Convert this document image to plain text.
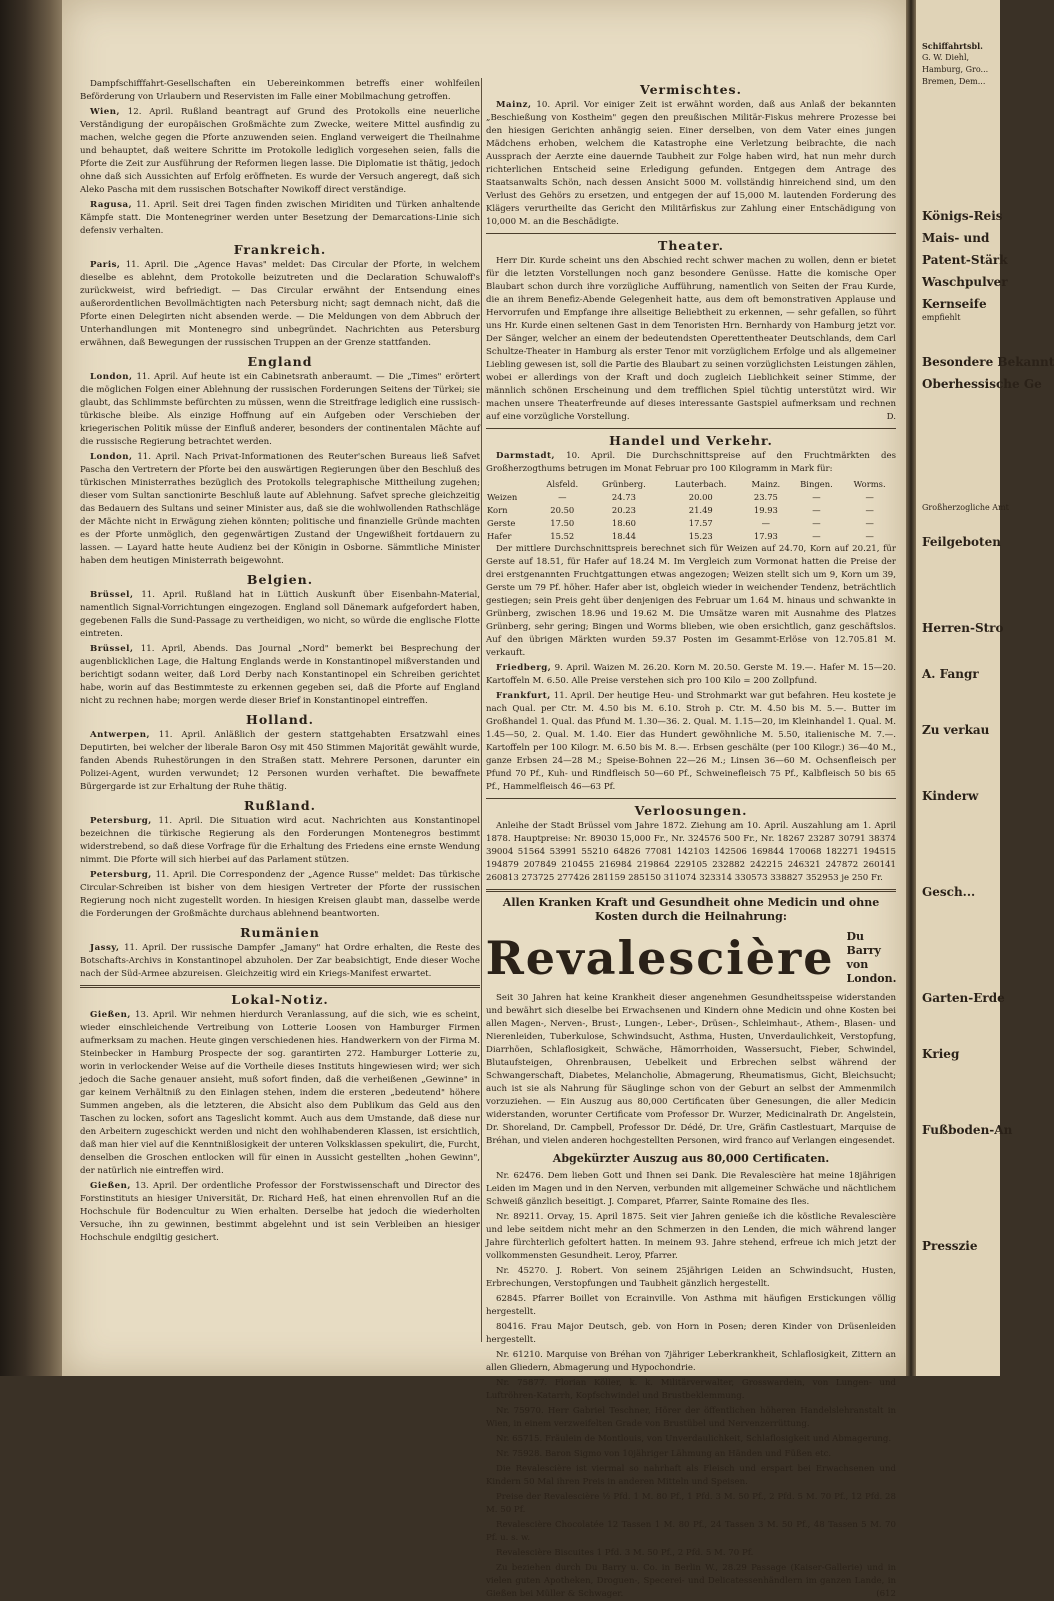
Dampfschifffahrt-Gesellschaften ein Uebereinkommen betreffs einer wohlfeilen Beförderung von Urlaubern und Reservisten im Falle einer Mobilmachung getroffen.

Wien, 12. April. Rußland beantragt auf Grund des Protokolls eine neuerliche Verständigung der europäischen Großmächte zum Zwecke, weitere Mittel ausfindig zu machen, welche gegen die Pforte anzuwenden seien. England verweigert die Theilnahme und behauptet, daß weitere Schritte im Protokolle lediglich vorgesehen seien, falls die Pforte die Zeit zur Ausführung der Reformen liegen lasse. Die Diplomatie ist thätig, jedoch ohne daß sich Aussichten auf Erfolg eröffneten. Es wurde der Versuch angeregt, daß sich Aleko Pascha mit dem russischen Botschafter Nowikoff direct verständige.

Ragusa, 11. April. Seit drei Tagen finden zwischen Miriditen und Türken anhaltende Kämpfe statt. Die Montenegriner werden unter Besetzung der Demarcations-Linie sich defensiv verhalten.

Frankreich.

Paris, 11. April. Die „Agence Havas" meldet: Das Circular der Pforte, in welchem dieselbe es ablehnt, dem Protokolle beizutreten und die Declaration Schuwaloff's zurückweist, wird befriedigt. — Das Circular erwähnt der Entsendung eines außerordentlichen Bevollmächtigten nach Petersburg nicht; sagt demnach nicht, daß die Pforte einen Delegirten nicht absenden werde. — Die Meldungen von dem Abbruch der Unterhandlungen mit Montenegro sind unbegründet. Nachrichten aus Petersburg erwähnen, daß Bewegungen der russischen Truppen an der Grenze stattfanden.

England

London, 11. April. Auf heute ist ein Cabinetsrath anberaumt. — Die „Times" erörtert die möglichen Folgen einer Ablehnung der russischen Forderungen Seitens der Türkei; sie glaubt, das Schlimmste befürchten zu müssen, wenn die Streitfrage lediglich eine russisch-türkische bleibe. Als einzige Hoffnung auf ein Aufgeben oder Verschieben der kriegerischen Politik müsse der Einfluß anderer, besonders der continentalen Mächte auf die russische Regierung betrachtet werden.

London, 11. April. Nach Privat-Informationen des Reuter'schen Bureaus ließ Safvet Pascha den Vertretern der Pforte bei den auswärtigen Regierungen über den Beschluß des türkischen Ministerrathes bezüglich des Protokolls telegraphische Mittheilung zugehen; dieser vom Sultan sanctionirte Beschluß laute auf Ablehnung. Safvet spreche gleichzeitig das Bedauern des Sultans und seiner Minister aus, daß sie die wohlwollenden Rathschläge der Mächte nicht in Erwägung ziehen könnten; politische und finanzielle Gründe machten es der Pforte unmöglich, den gegenwärtigen Zustand der Ungewißheit fortdauern zu lassen. — Layard hatte heute Audienz bei der Königin in Osborne. Sämmtliche Minister haben dem heutigen Ministerrath beigewohnt.

Belgien.

Brüssel, 11. April. Rußland hat in Lüttich Auskunft über Eisenbahn-Material, namentlich Signal-Vorrichtungen eingezogen. England soll Dänemark aufgefordert haben, gegebenen Falls die Sund-Passage zu vertheidigen, wo nicht, so würde die englische Flotte eintreten.

Brüssel, 11. April, Abends. Das Journal „Nord" bemerkt bei Besprechung der augenblicklichen Lage, die Haltung Englands werde in Konstantinopel mißverstanden und berichtigt sodann weiter, daß Lord Derby nach Konstantinopel ein Schreiben gerichtet habe, worin auf das Bestimmteste zu erkennen gegeben sei, daß die Pforte auf England nicht zu rechnen habe; morgen werde dieser Brief in Konstantinopel eintreffen.

Holland.

Antwerpen, 11. April. Anläßlich der gestern stattgehabten Ersatzwahl eines Deputirten, bei welcher der liberale Baron Osy mit 450 Stimmen Majorität gewählt wurde, fanden Abends Ruhestörungen in den Straßen statt. Mehrere Personen, darunter ein Polizei-Agent, wurden verwundet; 12 Personen wurden verhaftet. Die bewaffnete Bürgergarde ist zur Erhaltung der Ruhe thätig.

Rußland.

Petersburg, 11. April. Die Situation wird acut. Nachrichten aus Konstantinopel bezeichnen die türkische Regierung als den Forderungen Montenegros bestimmt widerstrebend, so daß diese Vorfrage für die Erhaltung des Friedens eine ernste Wendung nimmt. Die Pforte will sich hierbei auf das Parlament stützen.

Petersburg, 11. April. Die Correspondenz der „Agence Russe" meldet: Das türkische Circular-Schreiben ist bisher von dem hiesigen Vertreter der Pforte der russischen Regierung noch nicht zugestellt worden. In hiesigen Kreisen glaubt man, dasselbe werde die Forderungen der Großmächte durchaus ablehnend beantworten.

Rumänien

Jassy, 11. April. Der russische Dampfer „Jamany" hat Ordre erhalten, die Reste des Botschafts-Archivs in Konstantinopel abzuholen. Der Zar beabsichtigt, Ende dieser Woche nach der Süd-Armee abzureisen. Gleichzeitig wird ein Kriegs-Manifest erwartet.

Lokal-Notiz.

Gießen, 13. April. Wir nehmen hierdurch Veranlassung, auf die sich, wie es scheint, wieder einschleichende Vertreibung von Lotterie Loosen von Hamburger Firmen aufmerksam zu machen. Heute gingen verschiedenen hies. Handwerkern von der Firma M. Steinbecker in Hamburg Prospecte der sog. garantirten 272. Hamburger Lotterie zu, worin in verlockender Weise auf die Vortheile dieses Instituts hingewiesen wird; wer sich jedoch die Sache genauer ansieht, muß sofort finden, daß die verheißenen „Gewinne" in gar keinem Verhältniß zu den Einlagen stehen, indem die ersteren „bedeutend" höhere Summen angeben, als die letzteren, die Absicht also dem Publikum das Geld aus den Taschen zu locken, sofort ans Tageslicht kommt. Auch aus dem Umstande, daß diese nur den Arbeitern zugeschickt werden und nicht den wohlhabenderen Klassen, ist ersichtlich, daß man hier viel auf die Kenntnißlosigkeit der unteren Volksklassen spekulirt, die, Furcht, denselben die Groschen entlocken will für einen in Aussicht gestellten „hohen Gewinn", der natürlich nie eintreffen wird.

Gießen, 13. April. Der ordentliche Professor der Forstwissenschaft und Director des Forstinstituts an hiesiger Universität, Dr. Richard Heß, hat einen ehrenvollen Ruf an die Hochschule für Bodencultur zu Wien erhalten. Derselbe hat jedoch die wiederholten Versuche, ihn zu gewinnen, bestimmt abgelehnt und ist sein Verbleiben an hiesiger Hochschule endgiltig gesichert.

Vermischtes.

Mainz, 10. April. Vor einiger Zeit ist erwähnt worden, daß aus Anlaß der bekannten „Beschießung von Kostheim" gegen den preußischen Militär-Fiskus mehrere Prozesse bei den hiesigen Gerichten anhängig seien. Einer derselben, von dem Vater eines jungen Mädchens erhoben, welchem die Katastrophe eine Verletzung beibrachte, die nach Aussprach der Aerzte eine dauernde Taubheit zur Folge haben wird, hat nun mehr durch richterlichen Entscheid seine Erledigung gefunden. Entgegen dem Antrage des Staatsanwalts Schön, nach dessen Ansicht 5000 M. vollständig hinreichend sind, um den Verlust des Gehörs zu ersetzen, und entgegen der auf 15,000 M. lautenden Forderung des Klägers verurtheilte das Gericht den Militärfiskus zur Zahlung einer Entschädigung von 10,000 M. an die Beschädigte.

Theater.

Herr Dir. Kurde scheint uns den Abschied recht schwer machen zu wollen, denn er bietet für die letzten Vorstellungen noch ganz besondere Genüsse. Hatte die komische Oper Blaubart schon durch ihre vorzügliche Aufführung, namentlich von Seiten der Frau Kurde, die an ihrem Benefiz-Abende Gelegenheit hatte, aus dem oft bemonstrativen Applause und Hervorrufen und Empfange ihre allseitige Beliebtheit zu erkennen, — sehr gefallen, so führt uns Hr. Kurde einen seltenen Gast in dem Tenoristen Hrn. Bernhardy von Hamburg jetzt vor. Der Sänger, welcher an einem der bedeutendsten Operettentheater Deutschlands, dem Carl Schultze-Theater in Hamburg als erster Tenor mit vorzüglichem Erfolge und als allgemeiner Liebling gewesen ist, soll die Partie des Blaubart zu seinen vorzüglichsten Leistungen zählen, wobei er allerdings von der Kraft und doch zugleich Lieblichkeit seiner Stimme, der männlich schönen Erscheinung und dem trefflichen Spiel tüchtig unterstützt wird. Wir machen unsere Theaterfreunde auf dieses interessante Gastspiel aufmerksam und rechnen auf eine vorzügliche Vorstellung.	D.

Handel und Verkehr.

Darmstadt, 10. April. Die Durchschnittspreise auf den Fruchtmärkten des Großherzogthums betrugen im Monat Februar pro 100 Kilogramm in Mark für:

	Alsfeld.	Grünberg.	Lauterbach.	Mainz.	Bingen.	Worms.
Weizen	—	24.73	20.00	23.75	—	—
Korn	20.50	20.23	21.49	19.93	—	—
Gerste	17.50	18.60	17.57	—	—	—
Hafer	15.52	18.44	15.23	17.93	—	—

Der mittlere Durchschnittspreis berechnet sich für Weizen auf 24.70, Korn auf 20.21, für Gerste auf 18.51, für Hafer auf 18.24 M. Im Vergleich zum Vormonat hatten die Preise der drei erstgenannten Fruchtgattungen etwas angezogen; Weizen stellt sich um 9, Korn um 39, Gerste um 79 Pf. höher. Hafer aber ist, obgleich wieder in weichender Tendenz, beträchtlich gestiegen; sein Preis geht über denjenigen des Februar um 1.64 M. hinaus und schwankte in Grünberg, zwischen 18.96 und 19.62 M. Die Umsätze waren mit Ausnahme des Platzes Grünberg, sehr gering; Bingen und Worms blieben, wie oben ersichtlich, ganz geschäftslos. Auf den übrigen Märkten wurden 59.37 Posten im Gesammt-Erlöse von 12.705.81 M. verkauft.

Friedberg, 9. April. Waizen M. 26.20. Korn M. 20.50. Gerste M. 19.—. Hafer M. 15—20. Kartoffeln M. 6.50. Alle Preise verstehen sich pro 100 Kilo = 200 Zollpfund.

Frankfurt, 11. April. Der heutige Heu- und Strohmarkt war gut befahren. Heu kostete je nach Qual. per Ctr. M. 4.50 bis M. 6.10. Stroh p. Ctr. M. 4.50 bis M. 5.—. Butter im Großhandel 1. Qual. das Pfund M. 1.30—36. 2. Qual. M. 1.15—20, im Kleinhandel 1. Qual. M. 1.45—50, 2. Qual. M. 1.40. Eier das Hundert gewöhnliche M. 5.50, italienische M. 7.—. Kartoffeln per 100 Kilogr. M. 6.50 bis M. 8.—. Erbsen geschälte (per 100 Kilogr.) 36—40 M., ganze Erbsen 24—28 M.; Speise-Bohnen 22—26 M.; Linsen 36—60 M. Ochsenfleisch per Pfund 70 Pf., Kuh- und Rindfleisch 50—60 Pf., Schweinefleisch 75 Pf., Kalbfleisch 50 bis 65 Pf., Hammelfleisch 46—63 Pf.

Verloosungen.

Anleihe der Stadt Brüssel vom Jahre 1872. Ziehung am 10. April. Auszahlung am 1. April 1878. Hauptpreise: Nr. 89030 15,000 Fr., Nr. 324576 500 Fr., Nr. 18267 23287 30791 38374 39004 51564 53991 55210 64826 77081 142103 142506 169844 170068 182271 194515 194879 207849 210455 216984 219864 229105 232882 242215 246321 247872 260141 260813 273725 277426 281159 285150 311074 323314 330573 338827 352953 je 250 Fr.

Allen Kranken Kraft und Gesundheit ohne Medicin und ohne Kosten durch die Heilnahrung:
Revalescière Du Barry
von London.

Seit 30 Jahren hat keine Krankheit dieser angenehmen Gesundheitsspeise widerstanden und bewährt sich dieselbe bei Erwachsenen und Kindern ohne Medicin und ohne Kosten bei allen Magen-, Nerven-, Brust-, Lungen-, Leber-, Drüsen-, Schleimhaut-, Athem-, Blasen- und Nierenleiden, Tuberkulose, Schwindsucht, Asthma, Husten, Unverdaulichkeit, Verstopfung, Diarrhöen, Schlaflosigkeit, Schwäche, Hämorrhoiden, Wassersucht, Fieber, Schwindel, Blutaufsteigen, Ohrenbrausen, Uebelkeit und Erbrechen selbst während der Schwangerschaft, Diabetes, Melancholie, Abmagerung, Rheumatismus, Gicht, Bleichsucht; auch ist sie als Nahrung für Säuglinge schon von der Geburt an selbst der Ammenmilch vorzuziehen. — Ein Auszug aus 80,000 Certificaten über Genesungen, die aller Medicin widerstanden, worunter Certificate vom Professor Dr. Wurzer, Medicinalrath Dr. Angelstein, Dr. Shoreland, Dr. Campbell, Professor Dr. Dédé, Dr. Ure, Gräfin Castlestuart, Marquise de Bréhan, und vielen anderen hochgestellten Personen, wird franco auf Verlangen eingesendet.

Abgekürzter Auszug aus 80,000 Certificaten.

Nr. 62476. Dem lieben Gott und Ihnen sei Dank. Die Revalescière hat meine 18jährigen Leiden im Magen und in den Nerven, verbunden mit allgemeiner Schwäche und nächtlichem Schweiß gänzlich beseitigt. J. Comparet, Pfarrer, Sainte Romaine des Iles.

Nr. 89211. Orvay, 15. April 1875. Seit vier Jahren genieße ich die köstliche Revalescière und lebe seitdem nicht mehr an den Schmerzen in den Lenden, die mich während langer Jahre fürchterlich gefoltert hatten. In meinem 93. Jahre stehend, erfreue ich mich jetzt der vollkommensten Gesundheit. Leroy, Pfarrer.

Nr. 45270. J. Robert. Von seinem 25jährigen Leiden an Schwindsucht, Husten, Erbrechungen, Verstopfungen und Taubheit gänzlich hergestellt.

62845. Pfarrer Boillet von Ecrainville. Von Asthma mit häufigen Erstickungen völlig hergestellt.

80416. Frau Major Deutsch, geb. von Horn in Posen; deren Kinder von Drüsenleiden hergestellt.

Nr. 61210. Marquise von Bréhan von 7jähriger Leberkrankheit, Schlaflosigkeit, Zittern an allen Gliedern, Abmagerung und Hypochondrie.

Nr. 75877. Florian Köller, k. k. Militärverwalter, Grosswardein, von Lungen- und Luftröhren-Katarrh, Kopfschwindel und Brustbeklemmung.

Nr. 75970. Herr Gabriel Teschner, Hörer der öffentlichen höheren Handelslehranstalt in Wien, in einem verzweifelten Grade von Brustübel und Nervenzerrüttung.

Nr. 65715. Fräulein de Montlouis, von Unverdaulichkeit, Schlaflosigkeit und Abmagerung.

Nr. 75928. Baron Sigmo von 10jähriger Lähmung an Händen und Füßen etc.

Die Revalescière ist viermal so nahrhaft als Fleisch und erspart bei Erwachsenen und Kindern 50 Mal ihren Preis in anderen Mitteln und Speisen.

Preise der Revalescière ½ Pfd. 1 M. 80 Pf., 1 Pfd. 3 M. 50 Pf., 2 Pfd. 5 M. 70 Pf., 12 Pfd. 28 M. 50 Pf.

Revalescière Chocolatée 12 Tassen 1 M. 80 Pf., 24 Tassen 3 M. 50 Pf., 48 Tassen 5 M. 70 Pf. u. s. w.

Revalescière Biscuites 1 Pfd. 3 M. 50 Pf., 2 Pfd. 5 M. 70 Pf.

Zu beziehen durch Du Barry u. Co. in Berlin W., 28.29 Passage (Kaiser-Gallerie) und in vielen guten Apotheken, Droguen-, Specerei- und Delicatessenhändlern im ganzen Lande, in Gießen bei Müller & Schwager.	(612

Schiffahrtsbl.
G. W. Diehl,
Hamburg, Gro...
Bremen, Dem...
Königs-Reis
Mais- und
Patent-Stärk
Waschpulver
Kernseife
empfiehlt
Besondere Bekannt
Oberhessische Ge
Großherzogliche Amt
Feilgeboten
Herren-Stro
A. Fangr
Zu verkau
Kinderw
Gesch...
Garten-Erde
Krieg
Fußboden-An
Presszie
